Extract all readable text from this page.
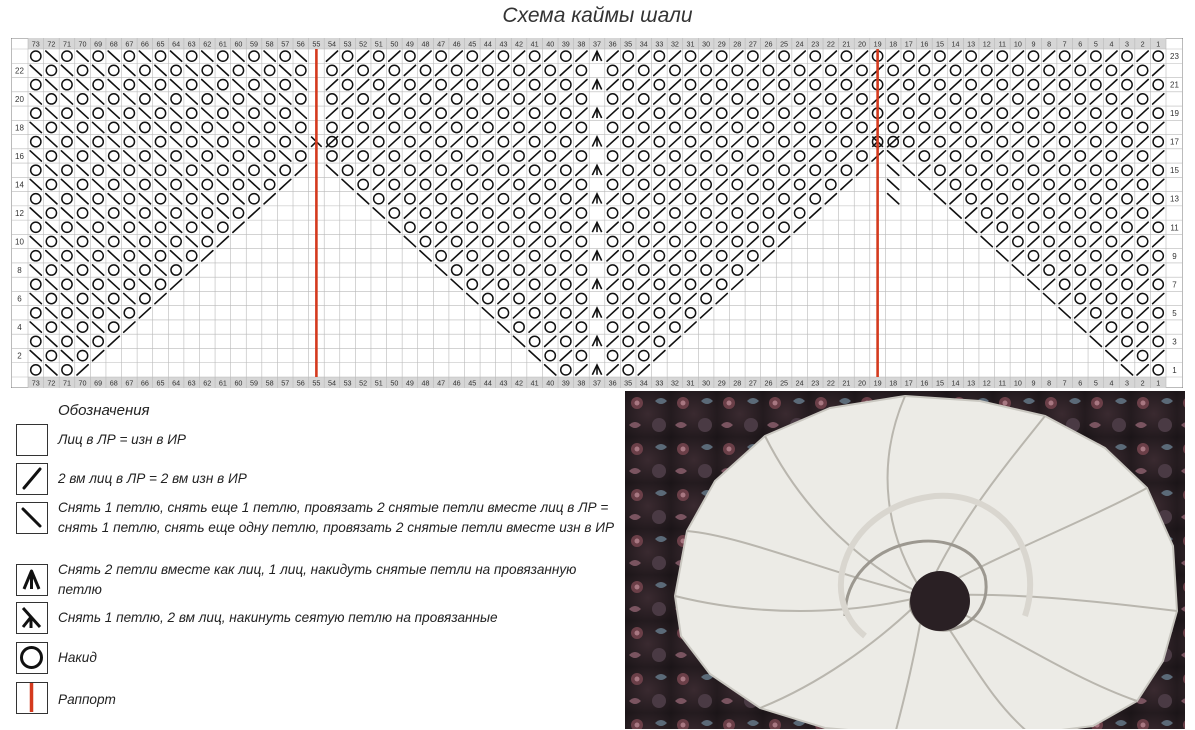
Схема каймы шали
73
73
72
72
71
71
70
70
69
69
68
68
67
67
66
66
65
65
64
64
63
63
62
62
61
61
60
60
59
59
58
58
57
57
56
56
55
55
54
54
53
53
52
52
51
51
50
50
49
49
48
48
47
47
46
46
45
45
44
44
43
43
42
42
41
41
40
40
39
39
38
38
37
37
36
36
35
35
34
34
33
33
32
32
31
31
30
30
29
29
28
28
27
27
26
26
25
25
24
24
23
23
22
22
21
21
20
20
19
19
18
18
17
17
16
16
15
15
14
14
13
13
12
12
11
11
10
10
9
9
8
8
7
7
6
6
5
5
4
4
3
3
2
2
1
1
22
20
18
16
14
12
10
8
6
4
2
23
21
19
17
15
13
11
9
7
5
3
1
Обозначения
Лиц в ЛР = изн в ИР
2 вм лиц в ЛР = 2 вм изн в ИР
Снять 1 петлю, снять еще 1 петлю, провязать 2 снятые петли вместе лиц в ЛР = снять 1 петлю, снять еще одну петлю, провязать 2 снятые петли вместе изн в ИР
Снять 2 петли вместе как лиц, 1 лиц, накидуть снятые петли на провязанную петлю
Снять 1 петлю, 2 вм лиц, накинуть сеятую петлю на провязанные
Накид
Раппорт
